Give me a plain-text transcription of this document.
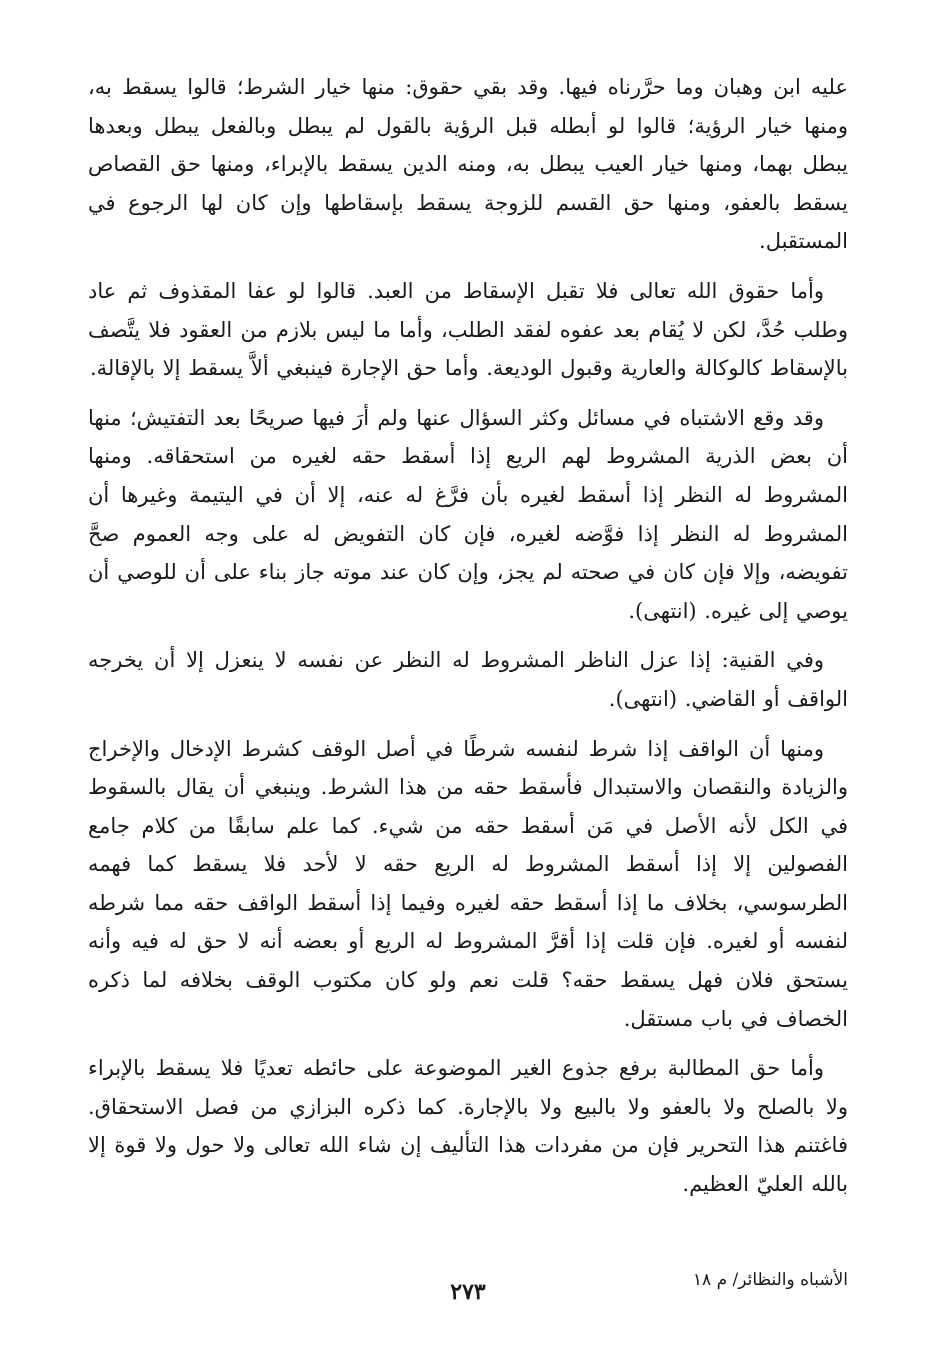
عليه ابن وهبان وما حرَّرناه فيها. وقد بقي حقوق: منها خيار الشرط؛ قالوا يسقط به، ومنها خيار الرؤية؛ قالوا لو أبطله قبل الرؤية بالقول لم يبطل وبالفعل يبطل وبعدها يبطل بهما، ومنها خيار العيب يبطل به، ومنه الدين يسقط بالإبراء، ومنها حق القصاص يسقط بالعفو، ومنها حق القسم للزوجة يسقط بإسقاطها وإن كان لها الرجوع في المستقبل.

وأما حقوق الله تعالى فلا تقبل الإسقاط من العبد. قالوا لو عفا المقذوف ثم عاد وطلب حُدَّ، لكن لا يُقام بعد عفوه لفقد الطلب، وأما ما ليس بلازم من العقود فلا يتَّصف بالإسقاط كالوكالة والعارية وقبول الوديعة. وأما حق الإجارة فينبغي ألاَّ يسقط إلا بالإقالة.

وقد وقع الاشتباه في مسائل وكثر السؤال عنها ولم أرَ فيها صريحًا بعد التفتيش؛ منها أن بعض الذرية المشروط لهم الريع إذا أسقط حقه لغيره من استحقاقه. ومنها المشروط له النظر إذا أسقط لغيره بأن فرَّغ له عنه، إلا أن في اليتيمة وغيرها أن المشروط له النظر إذا فوَّضه لغيره، فإن كان التفويض له على وجه العموم صحَّ تفويضه، وإلا فإن كان في صحته لم يجز، وإن كان عند موته جاز بناء على أن للوصي أن يوصي إلى غيره. (انتهى).

وفي القنية: إذا عزل الناظر المشروط له النظر عن نفسه لا ينعزل إلا أن يخرجه الواقف أو القاضي. (انتهى).

ومنها أن الواقف إذا شرط لنفسه شرطًا في أصل الوقف كشرط الإدخال والإخراج والزيادة والنقصان والاستبدال فأسقط حقه من هذا الشرط. وينبغي أن يقال بالسقوط في الكل لأنه الأصل في مَن أسقط حقه من شيء. كما علم سابقًا من كلام جامع الفصولين إلا إذا أسقط المشروط له الريع حقه لا لأحد فلا يسقط كما فهمه الطرسوسي، بخلاف ما إذا أسقط حقه لغيره وفيما إذا أسقط الواقف حقه مما شرطه لنفسه أو لغيره. فإن قلت إذا أقرَّ المشروط له الريع أو بعضه أنه لا حق له فيه وأنه يستحق فلان فهل يسقط حقه؟ قلت نعم ولو كان مكتوب الوقف بخلافه لما ذكره الخصاف في باب مستقل.

وأما حق المطالبة برفع جذوع الغير الموضوعة على حائطه تعديًا فلا يسقط بالإبراء ولا بالصلح ولا بالعفو ولا بالبيع ولا بالإجارة. كما ذكره البزازي من فصل الاستحقاق. فاغتنم هذا التحرير فإن من مفردات هذا التأليف إن شاء الله تعالى ولا حول ولا قوة إلا بالله العليّ العظيم.

الأشباه والنظائر/ م ١٨
٢٧٣
